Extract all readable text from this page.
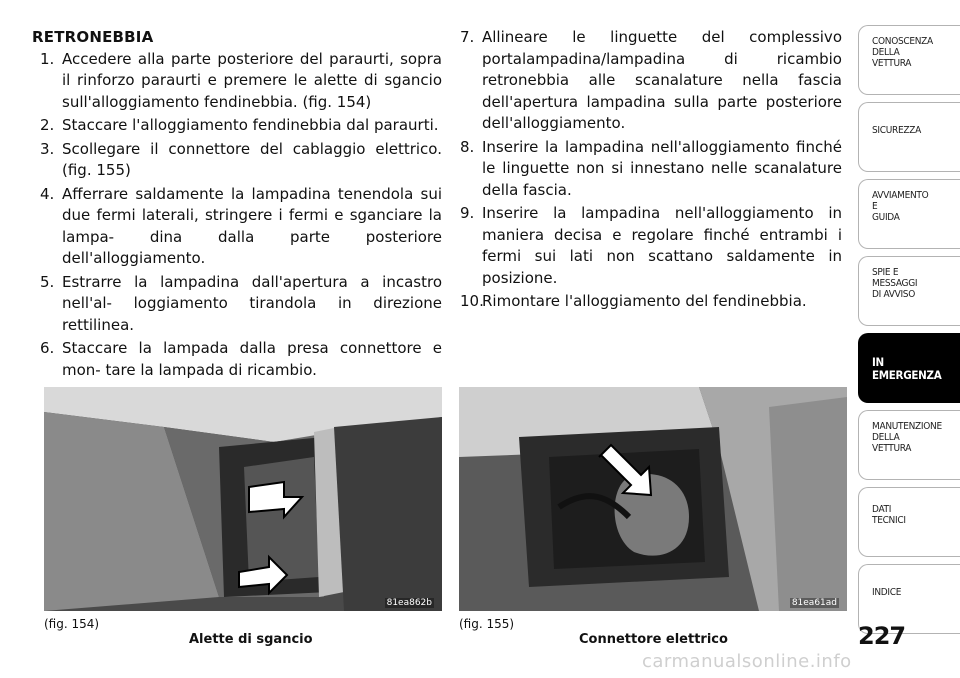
RETRONEBBIA
1. Accedere alla parte posteriore del paraurti, sopra il rinforzo paraurti e premere le alette di sgancio sull'alloggiamento fendinebbia. (fig. 154)
2. Staccare l'alloggiamento fendinebbia dal paraurti.
3. Scollegare il connettore del cablaggio elettrico. (fig. 155)
4. Afferrare saldamente la lampadina tenendola sui due fermi laterali, stringere i fermi e sganciare la lampa- dina dalla parte posteriore dell'alloggiamento.
5. Estrarre la lampadina dall'apertura a incastro nell'al- loggiamento tirandola in direzione rettilinea.
6. Staccare la lampada dalla presa connettore e mon- tare la lampada di ricambio.
7. Allineare le linguette del complessivo portalampadina/lampadina di ricambio retronebbia alle scanalature nella fascia dell'apertura lampadina sulla parte posteriore dell'alloggiamento.
8. Inserire la lampadina nell'alloggiamento finché le linguette non si innestano nelle scanalature della fascia.
9. Inserire la lampadina nell'alloggiamento in maniera decisa e regolare finché entrambi i fermi sui lati non scattano saldamente in posizione.
10.Rimontare l'alloggiamento del fendinebbia.
CONOSCENZA
DELLA
VETTURA
SICUREZZA
AVVIAMENTO
E
GUIDA
SPIE E
MESSAGGI
DI AVVISO
IN
EMERGENZA
MANUTENZIONE
DELLA
VETTURA
DATI
TECNICI
INDICE
81ea862b	81ea61ad
(fig. 154)
Alette di sgancio
(fig. 155)
Connettore elettrico	227
carmanualsonline.info
